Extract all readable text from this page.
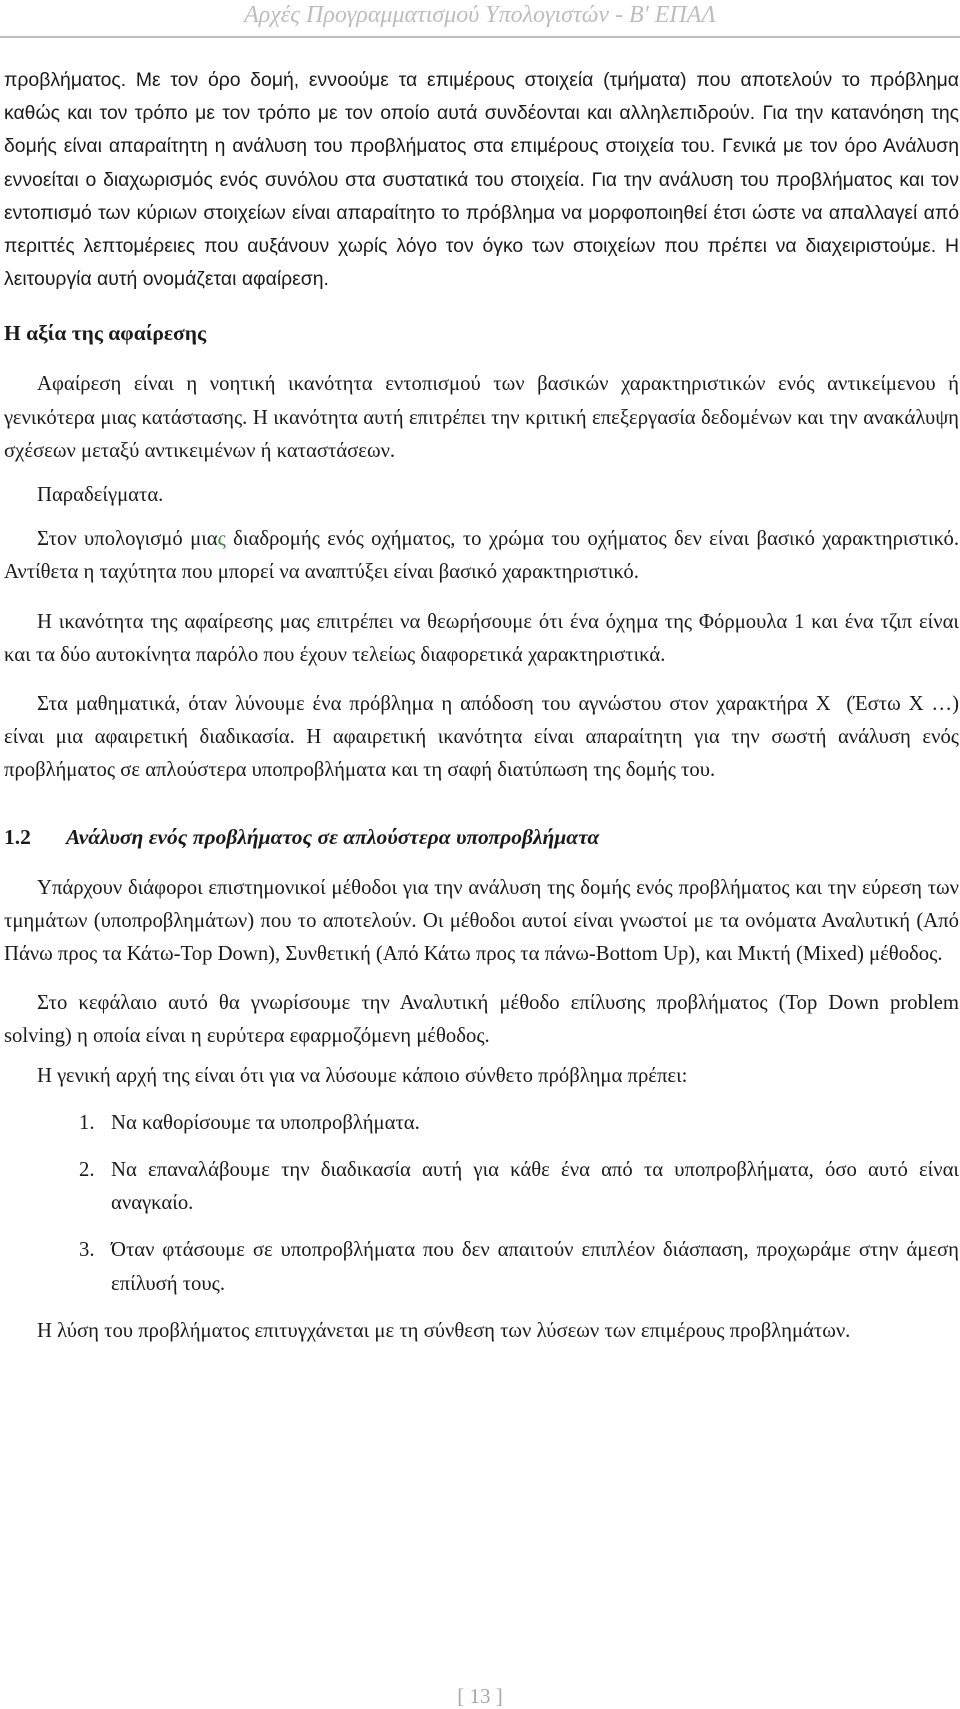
Αρχές Προγραμματισμού Υπολογιστών - Β' ΕΠΑΛ

προβλήματος. Με τον όρο δομή, εννοούμε τα επιμέρους στοιχεία (τμήματα) που αποτελούν το πρόβλημα καθώς και τον τρόπο με τον τρόπο με τον οποίο αυτά συνδέονται και αλληλεπιδρούν. Για την κατανόηση της δομής είναι απαραίτητη η ανάλυση του προβλήματος στα επιμέρους στοιχεία του. Γενικά με τον όρο Ανάλυση εννοείται ο διαχωρισμός ενός συνόλου στα συστατικά του στοιχεία. Για την ανάλυση του προβλήματος και τον εντοπισμό των κύριων στοιχείων είναι απαραίτητο το πρόβλημα να μορφοποιηθεί έτσι ώστε να απαλλαγεί από περιττές λεπτομέρειες που αυξάνουν χωρίς λόγο τον όγκο των στοιχείων που πρέπει να διαχειριστούμε. Η λειτουργία αυτή ονομάζεται αφαίρεση.

Η αξία της αφαίρεσης

Αφαίρεση είναι η νοητική ικανότητα εντοπισμού των βασικών χαρακτηριστικών ενός αντικείμενου ή γενικότερα μιας κατάστασης. Η ικανότητα αυτή επιτρέπει την κριτική επεξεργασία δεδομένων και την ανακάλυψη σχέσεων μεταξύ αντικειμένων ή καταστάσεων.

Παραδείγματα.

Στον υπολογισμό μιας διαδρομής ενός οχήματος, το χρώμα του οχήματος δεν είναι βασικό χαρακτηριστικό. Αντίθετα η ταχύτητα που μπορεί να αναπτύξει είναι βασικό χαρακτηριστικό.

Η ικανότητα της αφαίρεσης μας επιτρέπει να θεωρήσουμε ότι ένα όχημα της Φόρμουλα 1 και ένα τζιπ είναι και τα δύο αυτοκίνητα παρόλο που έχουν τελείως διαφορετικά χαρακτηριστικά.

Στα μαθηματικά, όταν λύνουμε ένα πρόβλημα η απόδοση του αγνώστου στον χαρακτήρα Χ (Έστω Χ …) είναι μια αφαιρετική διαδικασία. Η αφαιρετική ικανότητα είναι απαραίτητη για την σωστή ανάλυση ενός προβλήματος σε απλούστερα υποπροβλήματα και τη σαφή διατύπωση της δομής του.

1.2 Ανάλυση ενός προβλήματος σε απλούστερα υποπροβλήματα

Υπάρχουν διάφοροι επιστημονικοί μέθοδοι για την ανάλυση της δομής ενός προβλήματος και την εύρεση των τμημάτων (υποπροβλημάτων) που το αποτελούν. Οι μέθοδοι αυτοί είναι γνωστοί με τα ονόματα Αναλυτική (Από Πάνω προς τα Κάτω-Top Down), Συνθετική (Από Κάτω προς τα πάνω-Bottom Up), και Μικτή (Mixed) μέθοδος.

Στο κεφάλαιο αυτό θα γνωρίσουμε την Αναλυτική μέθοδο επίλυσης προβλήματος (Top Down problem solving) η οποία είναι η ευρύτερα εφαρμοζόμενη μέθοδος.

Η γενική αρχή της είναι ότι για να λύσουμε κάποιο σύνθετο πρόβλημα πρέπει:

1. Να καθορίσουμε τα υποπροβλήματα.
2. Να επαναλάβουμε την διαδικασία αυτή για κάθε ένα από τα υποπροβλήματα, όσο αυτό είναι αναγκαίο.
3. Όταν φτάσουμε σε υποπροβλήματα που δεν απαιτούν επιπλέον διάσπαση, προχωράμε στην άμεση επίλυσή τους.

Η λύση του προβλήματος επιτυγχάνεται με τη σύνθεση των λύσεων των επιμέρους προβλημάτων.

[ 13 ]
